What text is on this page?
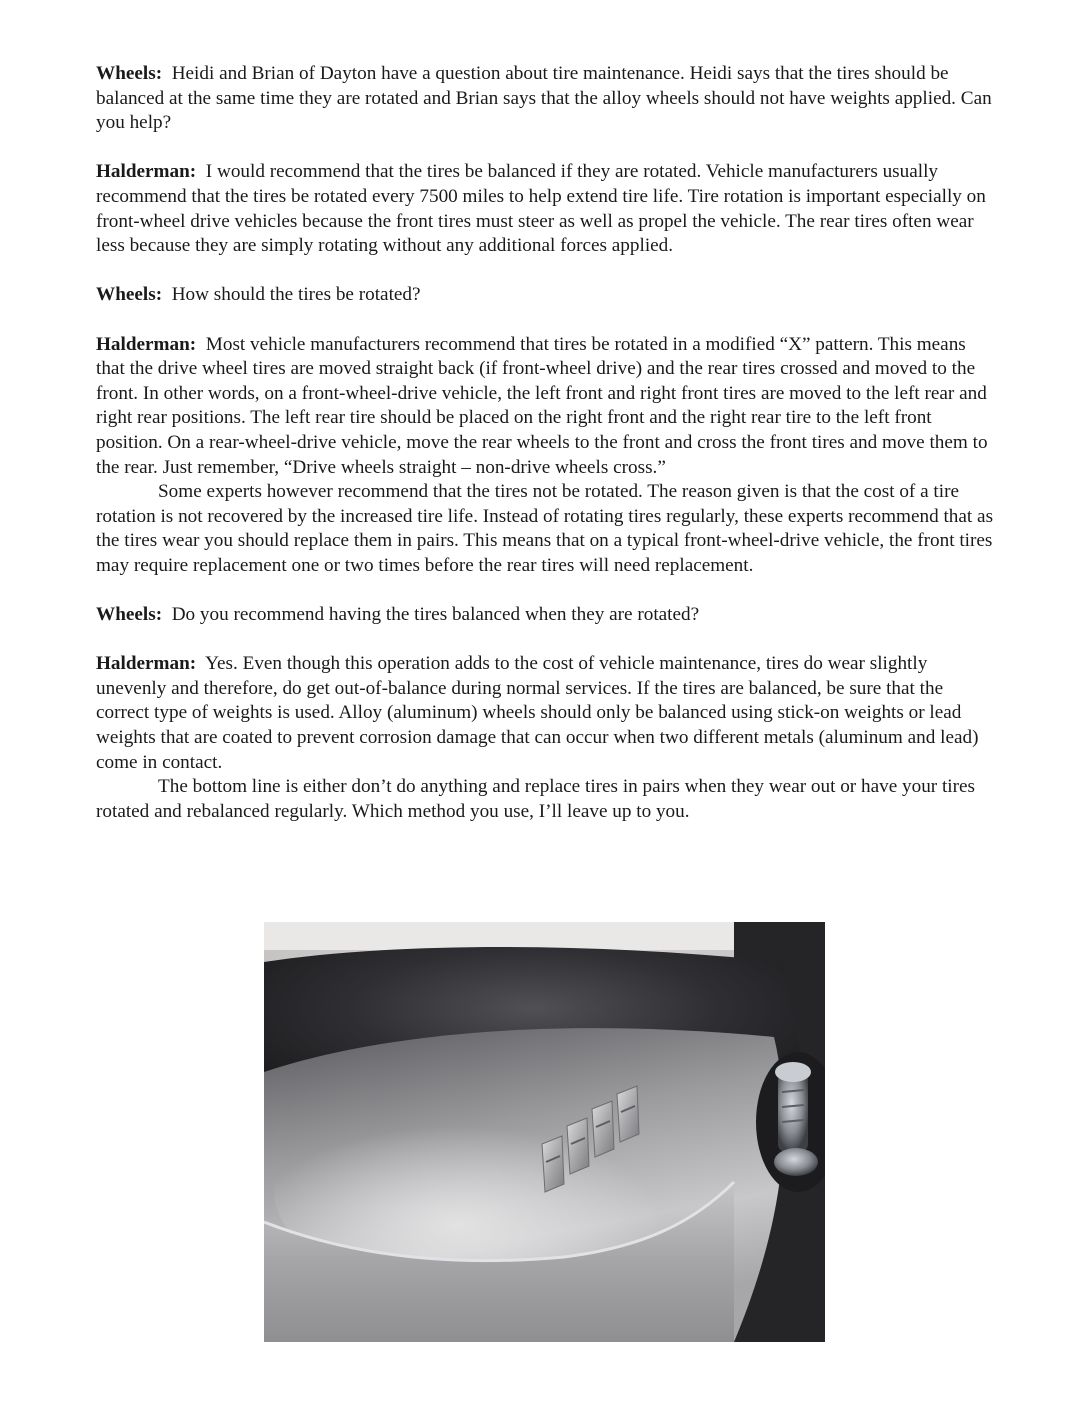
Wheels: Heidi and Brian of Dayton have a question about tire maintenance. Heidi says that the tires should be balanced at the same time they are rotated and Brian says that the alloy wheels should not have weights applied. Can you help?

Halderman: I would recommend that the tires be balanced if they are rotated. Vehicle manufacturers usually recommend that the tires be rotated every 7500 miles to help extend tire life. Tire rotation is important especially on front-wheel drive vehicles because the front tires must steer as well as propel the vehicle. The rear tires often wear less because they are simply rotating without any additional forces applied.

Wheels: How should the tires be rotated?

Halderman: Most vehicle manufacturers recommend that tires be rotated in a modified “X” pattern. This means that the drive wheel tires are moved straight back (if front-wheel drive) and the rear tires crossed and moved to the front. In other words, on a front-wheel-drive vehicle, the left front and right front tires are moved to the left rear and right rear positions. The left rear tire should be placed on the right front and the right rear tire to the left front position. On a rear-wheel-drive vehicle, move the rear wheels to the front and cross the front tires and move them to the rear. Just remember, “Drive wheels straight – non-drive wheels cross.”

Some experts however recommend that the tires not be rotated. The reason given is that the cost of a tire rotation is not recovered by the increased tire life. Instead of rotating tires regularly, these experts recommend that as the tires wear you should replace them in pairs. This means that on a typical front-wheel-drive vehicle, the front tires may require replacement one or two times before the rear tires will need replacement.

Wheels: Do you recommend having the tires balanced when they are rotated?

Halderman: Yes. Even though this operation adds to the cost of vehicle maintenance, tires do wear slightly unevenly and therefore, do get out-of-balance during normal services. If the tires are balanced, be sure that the correct type of weights is used. Alloy (aluminum) wheels should only be balanced using stick-on weights or lead weights that are coated to prevent corrosion damage that can occur when two different metals (aluminum and lead) come in contact.

The bottom line is either don’t do anything and replace tires in pairs when they wear out or have your tires rotated and rebalanced regularly. Which method you use, I’ll leave up to you.
